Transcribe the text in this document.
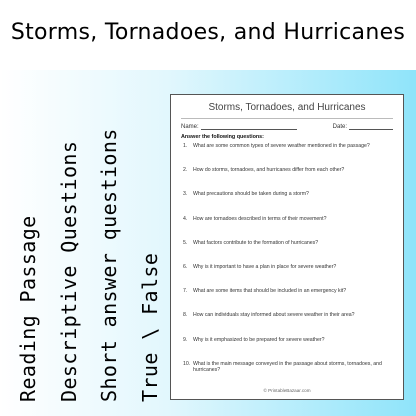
Storms, Tornadoes, and Hurricanes
Reading Passage Descriptive Questions Short answer questions True \ False
Storms, Tornadoes, and Hurricanes
Name:	Date:
Answer the following questions:
1.	What are some common types of severe weather mentioned in the passage?
2.	How do storms, tornadoes, and hurricanes differ from each other?
3.	What precautions should be taken during a storm?
4.	How are tornadoes described in terms of their movement?
5.	What factors contribute to the formation of hurricanes?
6.	Why is it important to have a plan in place for severe weather?
7.	What are some items that should be included in an emergency kit?
8.	How can individuals stay informed about severe weather in their area?
9.	Why is it emphasized to be prepared for severe weather?
10. What is the main message conveyed in the passage about storms, tornadoes, and hurricanes?
© PrintableBazaar.com
